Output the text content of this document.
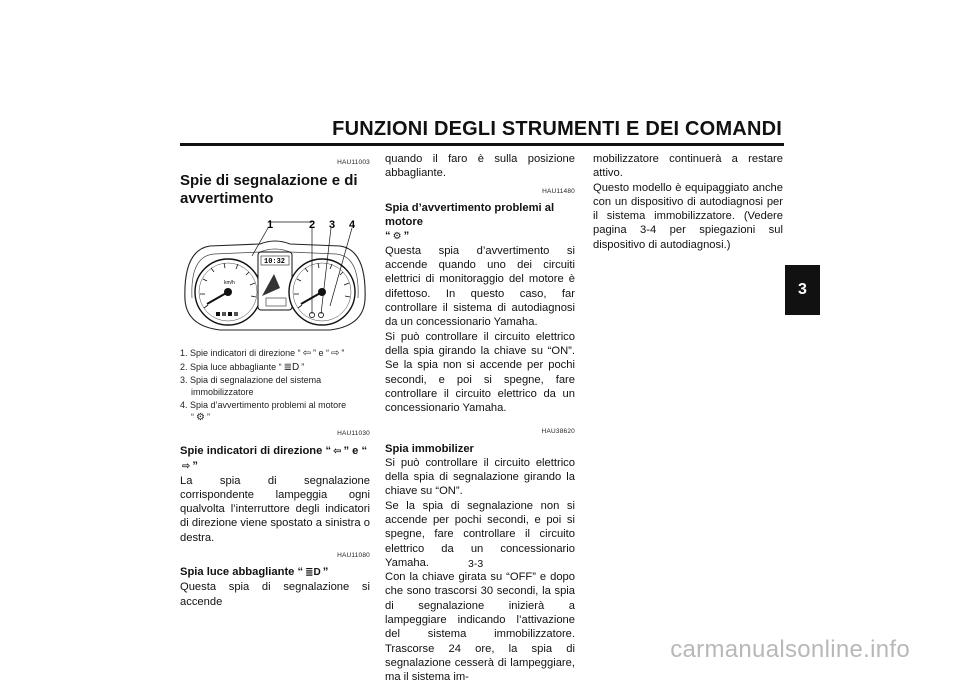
FUNZIONI DEGLI STRUMENTI E DEI COMANDI
3
HAU11003
Spie di segnalazione e di avvertimento
km/h
10:32
1	2 3 4
1. Spie indicatori di direzione “ ⇦ ” e “ ⇨ ”
2. Spia luce abbagliante “ ≣D ”
3. Spia di segnalazione del sistema
immobilizzatore
4. Spia d’avvertimento problemi al motore
“ ⚙ ”
HAU11030

Spie indicatori di direzione “ ⇦ ” e “⇨ ”

La spia di segnalazione corrispondente lampeggia ogni qualvolta l’interruttore degli indicatori di direzione viene spostato a sinistra o destra.

HAU11080

Spia luce abbagliante “ ≣D ”

Questa spia di segnalazione si accende

quando il faro è sulla posizione abbagliante.

HAU11480

Spia d’avvertimento problemi al motore

“ ⚙ ”

Questa spia d’avvertimento si accende quando uno dei circuiti elettrici di monitoraggio del motore è difettoso. In questo caso, far controllare il sistema di autodiagnosi da un concessionario Yamaha.

Si può controllare il circuito elettrico della spia girando la chiave su “ON”. Se la spia non si accende per pochi secondi, e poi si spegne, fare controllare il circuito elettrico da un concessionario Yamaha.

HAU38620

Spia immobilizer

Si può controllare il circuito elettrico della spia di segnalazione girando la chiave su “ON”.

Se la spia di segnalazione non si accende per pochi secondi, e poi si spegne, fare controllare il circuito elettrico da un concessionario Yamaha.

Con la chiave girata su “OFF” e dopo che sono trascorsi 30 secondi, la spia di segnalazione inizierà a lampeggiare indicando l’attivazione del sistema immobilizzatore. Trascorse 24 ore, la spia di segnalazione cesserà di lampeggiare, ma il sistema im-

mobilizzatore continuerà a restare attivo.

Questo modello è equipaggiato anche con un dispositivo di autodiagnosi per il sistema immobilizzatore. (Vedere pagina 3-4 per spiegazioni sul dispositivo di autodiagnosi.)

3-3
carmanualsonline.info
